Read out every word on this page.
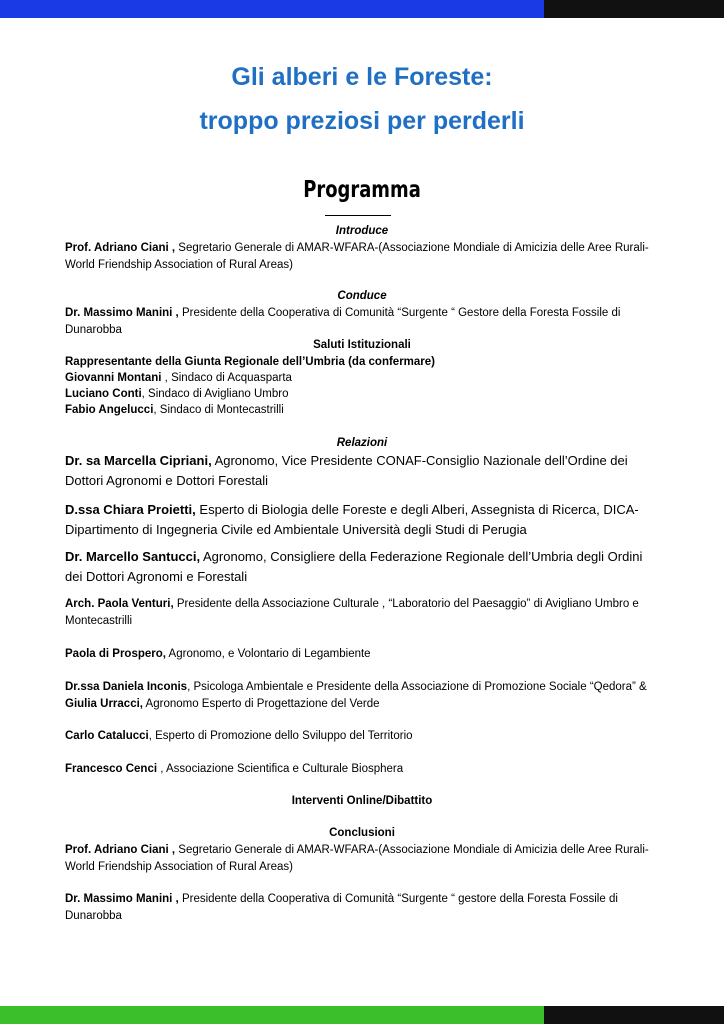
Gli alberi e le Foreste:
troppo preziosi per perderli
Programma
Introduce
Prof. Adriano Ciani , Segretario Generale di AMAR-WFARA-(Associazione Mondiale di Amicizia delle Aree Rurali-World Friendship Association of Rural Areas)
Conduce
Dr. Massimo Manini , Presidente della Cooperativa di Comunità “Surgente “ Gestore della Foresta Fossile di Dunarobba
Saluti Istituzionali
Rappresentante della Giunta Regionale dell’Umbria (da confermare)
Giovanni Montani , Sindaco di Acquasparta
Luciano Conti, Sindaco di Avigliano Umbro
Fabio Angelucci, Sindaco di Montecastrilli
Relazioni
Dr. sa Marcella Cipriani, Agronomo, Vice Presidente CONAF-Consiglio Nazionale dell’Ordine dei Dottori Agronomi e Dottori Forestali
D.ssa Chiara Proietti, Esperto di Biologia delle Foreste e degli Alberi, Assegnista di Ricerca, DICA-Dipartimento di Ingegneria Civile ed Ambientale Università degli Studi di Perugia
Dr. Marcello Santucci, Agronomo, Consigliere della Federazione Regionale dell’Umbria degli Ordini dei Dottori Agronomi e Forestali
Arch. Paola Venturi, Presidente della Associazione Culturale , “Laboratorio del Paesaggio” di Avigliano Umbro e Montecastrilli
Paola di Prospero, Agronomo, e Volontario di Legambiente
Dr.ssa Daniela Inconis, Psicologa Ambientale e Presidente della Associazione di Promozione Sociale “Qedora” & Giulia Urracci, Agronomo Esperto di Progettazione del Verde
Carlo Catalucci, Esperto di Promozione dello Sviluppo del Territorio
Francesco Cenci , Associazione Scientifica e Culturale Biosphera
Interventi Online/Dibattito
Conclusioni
Prof. Adriano Ciani , Segretario Generale di AMAR-WFARA-(Associazione Mondiale di Amicizia delle Aree Rurali-World Friendship Association of Rural Areas)
Dr. Massimo Manini , Presidente della Cooperativa di Comunità “Surgente “ gestore della Foresta Fossile di Dunarobba
